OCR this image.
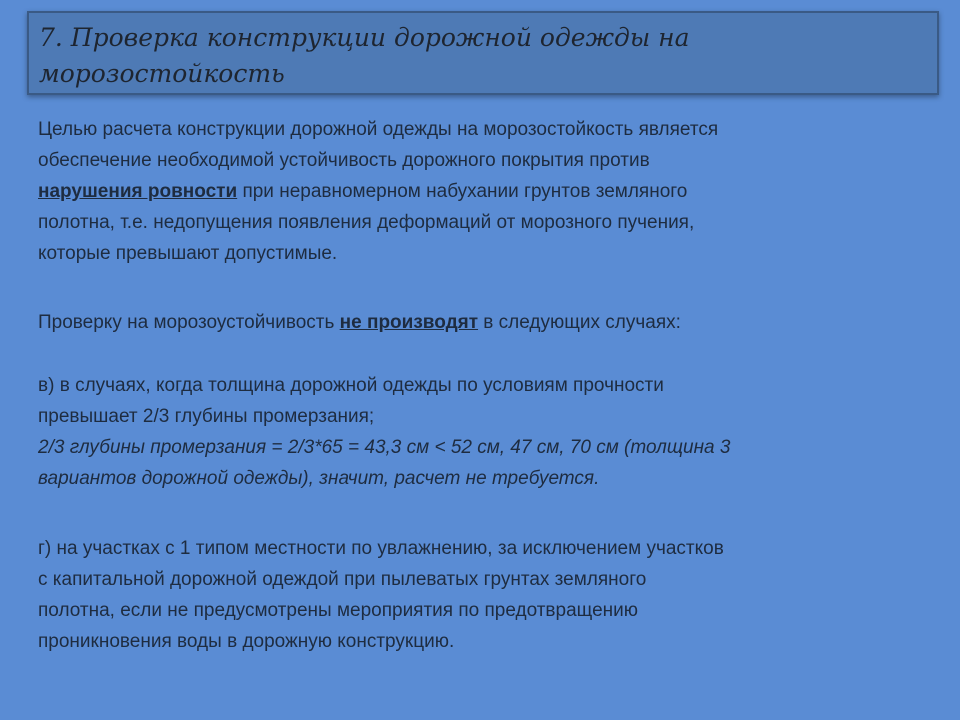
7. Проверка конструкции дорожной одежды на
морозостойкость
Целью расчета конструкции дорожной одежды на морозостойкость является
обеспечение необходимой устойчивость дорожного покрытия против
нарушения ровности при неравномерном набухании грунтов земляного
полотна, т.е. недопущения появления деформаций от морозного пучения,
которые превышают допустимые.
Проверку на морозоустойчивость не производят в следующих случаях:
в) в случаях, когда толщина дорожной одежды по условиям прочности
превышает 2/3 глубины промерзания;
2/3 глубины промерзания = 2/3*65 = 43,3 см < 52 см, 47 см, 70 см (толщина 3
вариантов дорожной одежды), значит, расчет не требуется.
г) на участках с 1 типом местности по увлажнению, за исключением участков
с капитальной дорожной одеждой при пылеватых грунтах земляного
полотна, если не предусмотрены мероприятия по предотвращению
проникновения воды в дорожную конструкцию.
